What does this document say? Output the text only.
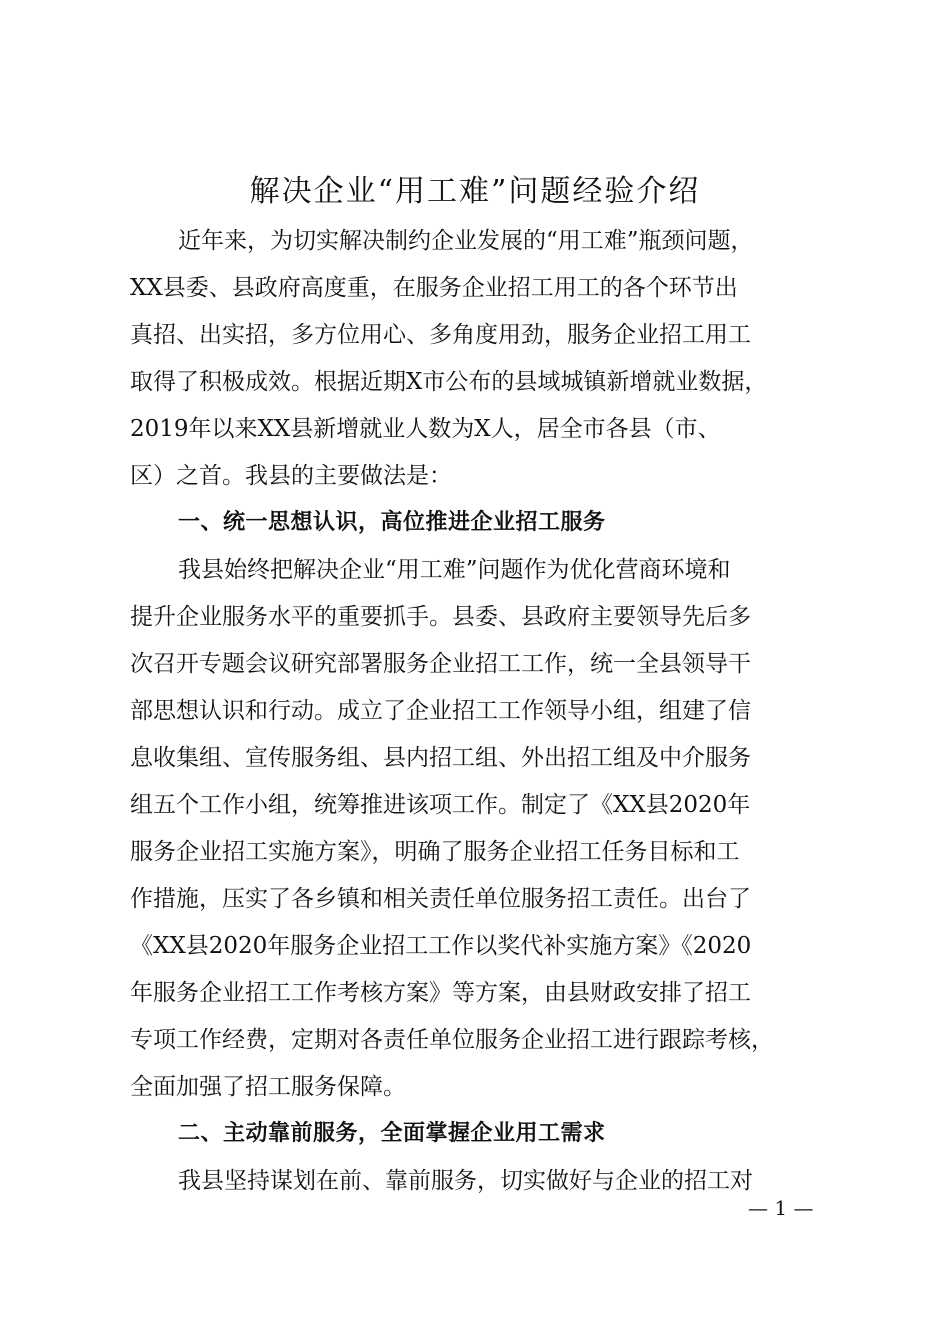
解决企业“用工难”问题经验介绍
近年来，为切实解决制约企业发展的“用工难”瓶颈问题，
XX县委、县政府高度重，在服务企业招工用工的各个环节出
真招、出实招，多方位用心、多角度用劲，服务企业招工用工
取得了积极成效。根据近期X市公布的县域城镇新增就业数据，
2019年以来XX县新增就业人数为X人，居全市各县（市、
区）之首。我县的主要做法是：
一、统一思想认识，高位推进企业招工服务
我县始终把解决企业“用工难”问题作为优化营商环境和
提升企业服务水平的重要抓手。县委、县政府主要领导先后多
次召开专题会议研究部署服务企业招工工作，统一全县领导干
部思想认识和行动。成立了企业招工工作领导小组，组建了信
息收集组、宣传服务组、县内招工组、外出招工组及中介服务
组五个工作小组，统筹推进该项工作。制定了《XX县2020年
服务企业招工实施方案》，明确了服务企业招工任务目标和工
作措施，压实了各乡镇和相关责任单位服务招工责任。出台了
《XX县2020年服务企业招工工作以奖代补实施方案》《2020
年服务企业招工工作考核方案》等方案，由县财政安排了招工
专项工作经费，定期对各责任单位服务企业招工进行跟踪考核，
全面加强了招工服务保障。
二、主动靠前服务，全面掌握企业用工需求
我县坚持谋划在前、靠前服务，切实做好与企业的招工对
— 1 —
